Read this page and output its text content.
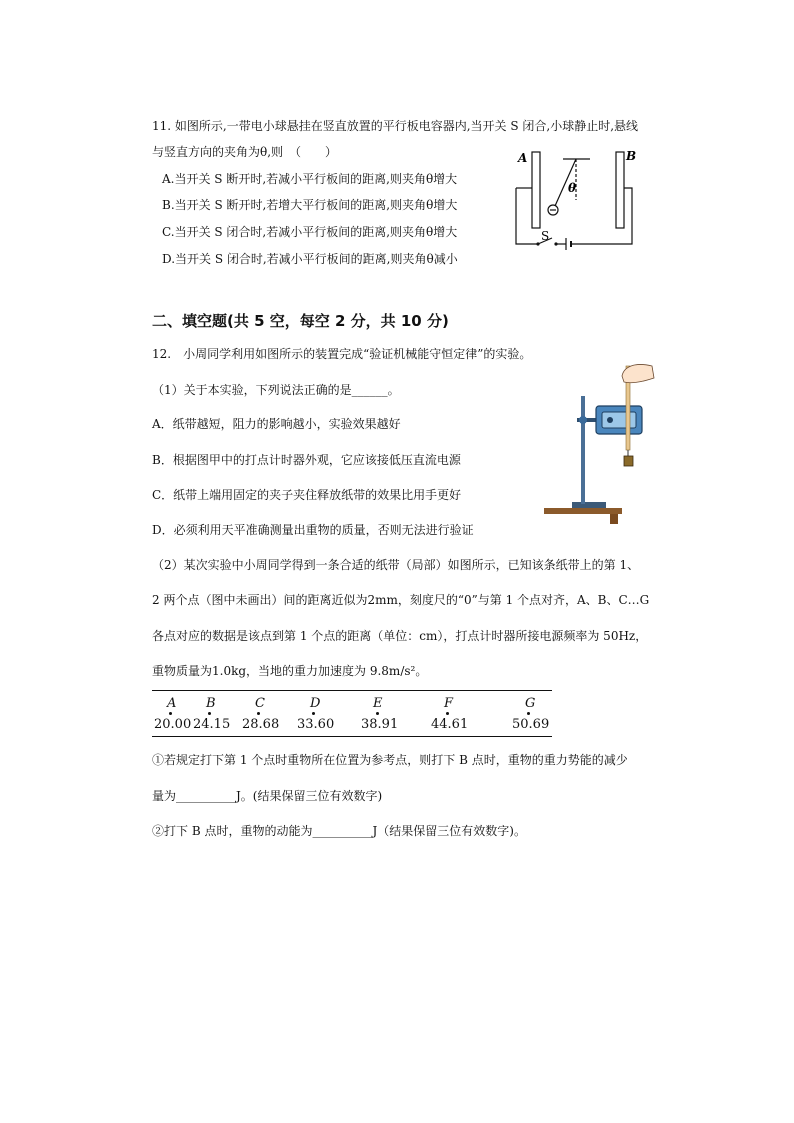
11. 如图所示,一带电小球悬挂在竖直放置的平行板电容器内,当开关 S 闭合,小球静止时,悬线
与竖直方向的夹角为θ,则　（　　）
A.当开关 S 断开时,若减小平行板间的距离,则夹角θ增大
B.当开关 S 断开时,若增大平行板间的距离,则夹角θ增大
C.当开关 S 闭合时,若减小平行板间的距离,则夹角θ增大
D.当开关 S 闭合时,若减小平行板间的距离,则夹角θ减小
A	B
θ
S
二、填空题(共 5 空，每空 2 分，共 10 分)
12.　小周同学利用如图所示的装置完成“验证机械能守恒定律”的实验。
（1）关于本实验，下列说法正确的是______。
A．纸带越短，阻力的影响越小，实验效果越好
B．根据图甲中的打点计时器外观，它应该接低压直流电源
C．纸带上端用固定的夹子夹住释放纸带的效果比用手更好
D．必须利用天平准确测量出重物的质量，否则无法进行验证
（2）某次实验中小周同学得到一条合适的纸带（局部）如图所示，已知该条纸带上的第 1、
2 两个点（图中未画出）间的距离近似为2mm，刻度尺的“0”与第 1 个点对齐，A、B、C…G
各点对应的数据是该点到第 1 个点的距离（单位：cm），打点计时器所接电源频率为 50Hz，
重物质量为1.0kg，当地的重力加速度为 9.8m/s²。
A B	C	D	E	F	G
20.00 24.15 28.68 33.60 38.91	44.61	50.69
①若规定打下第 1 个点时重物所在位置为参考点，则打下 B 点时，重物的重力势能的减少
量为__________J。(结果保留三位有效数字)
②打下 B 点时，重物的动能为__________J（结果保留三位有效数字)。
